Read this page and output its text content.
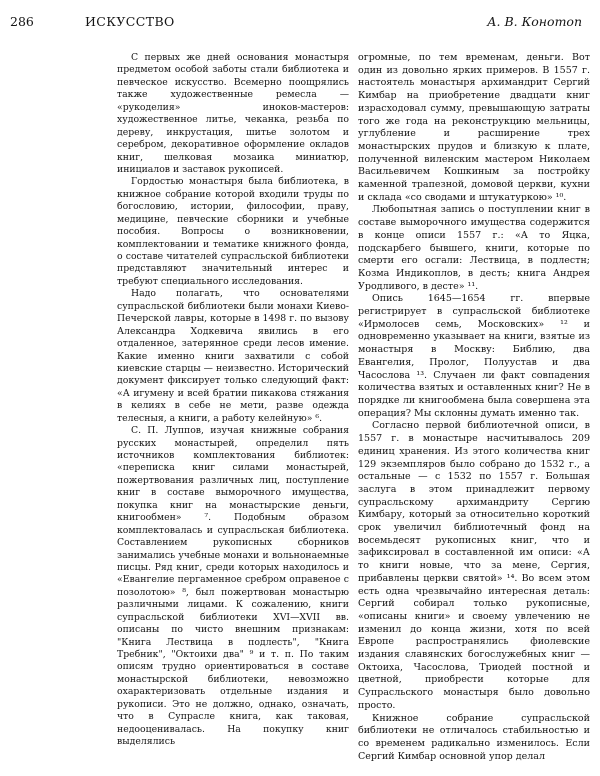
286	ИСКУССТВО	А. В. Конотоп

С первых же дней основания монастыря предметом особой заботы стали библиотека и певческое искусство. Всемерно поощрялись также художественные ремесла — «рукоделия» иноков-мастеров: художественное литье, чеканка, резьба по дереву, инкрустация, шитье золотом и серебром, декоративное оформление окладов книг, шелковая мозаика миниатюр, инициалов и заставок рукописей.

Гордостью монастыря была библиотека, в книжное собрание которой входили труды по богословию, истории, философии, праву, медицине, певческие сборники и учебные пособия. Вопросы о возникновении, комплектовании и тематике книжного фонда, о составе читателей супрасльской библиотеки представляют значительный интерес и требуют специального исследования.

Надо полагать, что основателями супрасльской библиотеки были монахи Киево-Печерской лавры, которые в 1498 г. по вызову Александра Ходкевича явились в его отдаленное, затерянное среди лесов имение. Какие именно книги захватили с собой киевские старцы — неизвестно. Исторический документ фиксирует только следующий факт: «А игумену и всей братии пикакова стяжания в келиях в себе не мети, разве одежда телесныя, а книги, а работу келейную» ⁶.

С. П. Луппов, изучая книжные собрания русских монастырей, определил пять источников комплектования библиотек: «переписка книг силами монастырей, пожертвования различных лиц, поступление книг в составе выморочного имущества, покупка книг на монастырские деньги, книгообмен» ⁷. Подобным образом комплектовалась и супрасльская библиотека. Составлением рукописных сборников занимались учебные монахи и вольнонаемные писцы. Ряд книг, среди которых находилось и «Евангелие пергаменное сребром оправеное с позолотою» ⁸, был пожертвован монастырю различными лицами. К сожалению, книги супрасльской библиотеки XVI—XVII вв. описаны по чисто внешним признакам: "Книга Лествица в подлесть", "Книга Требник", "Октоихи два" ⁹ и т. п. По таким описям трудно ориентироваться в составе монастырской библиотеки, невозможно охарактеризовать отдельные издания и рукописи. Это не должно, однако, означать, что в Супрасле книга, как таковая, недооценивалась. На покупку книг выделялись

огромные, по тем временам, деньги. Вот один из довольно ярких примеров. В 1557 г. настоятель монастыря архимандрит Сергий Кимбар на приобретение двадцати книг израсходовал сумму, превышающую затраты того же года на реконструкцию мельницы, углубление и расширение трех монастырских прудов и близкую к плате, полученной виленским мастером Николаем Васильевичем Кошкиным за постройку каменной трапезной, домовой церкви, кухни и склада «со сводами и штукатуркою» ¹⁰.

Любопытная запись о поступлении книг в составе выморочного имущества содержится в конце описи 1557 г.: «А то Яцка, подскарбего бывшего, книги, которые по смерти его осгали: Лествица, в подлестн; Козма Индикоплов, в десть; книга Андрея Уродливого, в десте» ¹¹.

Опись 1645—1654 гг. впервые регистрирует в супрасльской библиотеке «Ирмолосев семь, Московских» ¹² и одновременно указывает на книги, взятые из монастыря в Москву: Библию, два Евангелия, Пролог, Полуустав и два Часослова ¹³. Случаен ли факт совпадения количества взятых и оставленных книг? Не в порядке ли книгообмена была совершена эта операция? Мы склонны думать именно так.

Согласно первой библиотечной описи, в 1557 г. в монастыре насчитывалось 209 единиц хранения. Из этого количества книг 129 экземпляров было собрано до 1532 г., а остальные — с 1532 по 1557 г. Большая заслуга в этом принадлежит первому супрасльскому архимандриту Сергию Кимбару, который за относительно короткий срок увеличил библиотечный фонд на восемьдесят рукописных книг, что и зафиксировал в составленной им описи: «А то книги новые, что за мене, Сергия, прибавлены церкви святой» ¹⁴. Во всем этом есть одна чрезвычайно интересная деталь: Сергий собирал только рукописные, «описаны книги» и своему увлечению не изменил до конца жизни, хотя по всей Европе распространялись фиолевские издания славянских богослужебных книг — Октоиха, Часослова, Триодей постной и цветной, приобрести которые для Супрасльского монастыря было довольно просто.

Книжное собрание супрасльской библиотеки не отличалось стабильностью и со временем радикально изменилось. Если Сергий Кимбар основной упор делал
